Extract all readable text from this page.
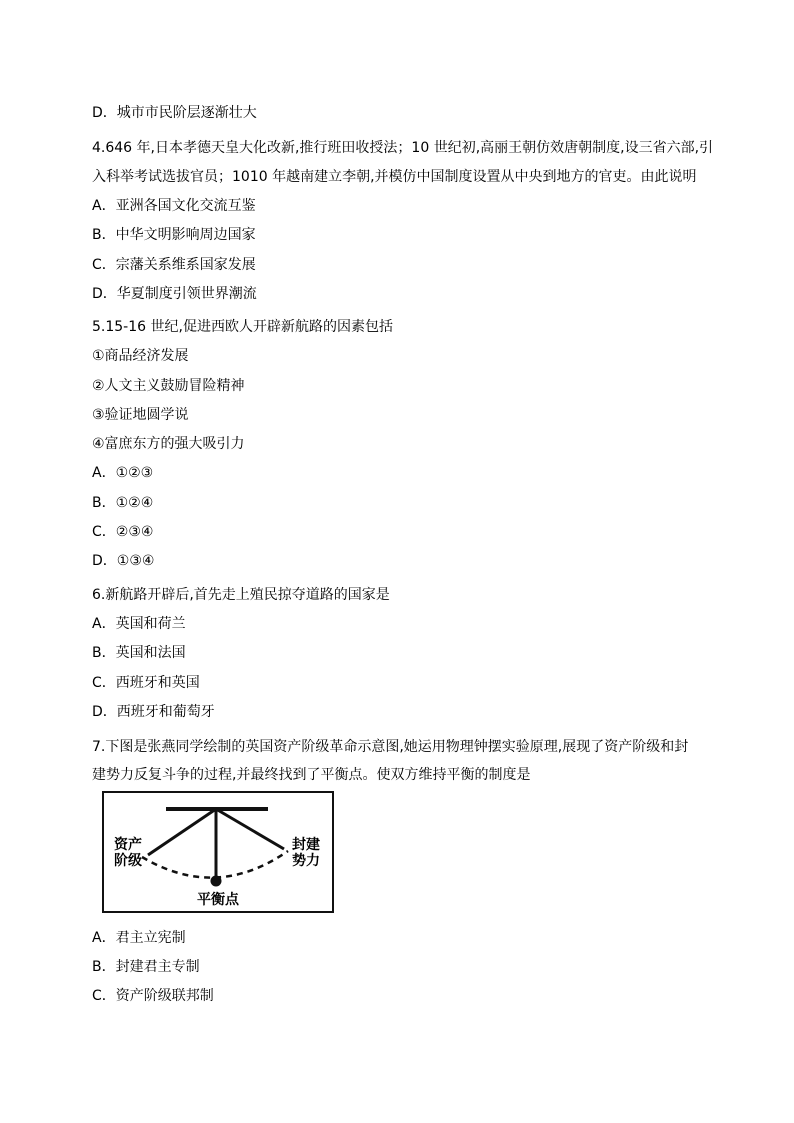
D．城市市民阶层逐渐壮大
4.646 年,日本孝德天皇大化改新,推行班田收授法；10 世纪初,高丽王朝仿效唐朝制度,设三省六部,引
入科举考试选拔官员；1010 年越南建立李朝,并模仿中国制度设置从中央到地方的官吏。由此说明
A．亚洲各国文化交流互鉴
B．中华文明影响周边国家
C．宗藩关系维系国家发展
D．华夏制度引领世界潮流
5.15-16 世纪,促进西欧人开辟新航路的因素包括
①商品经济发展
②人文主义鼓励冒险精神
③验证地圆学说
④富庶东方的强大吸引力
A．①②③
B．①②④
C．②③④
D．①③④
6.新航路开辟后,首先走上殖民掠夺道路的国家是
A．英国和荷兰
B．英国和法国
C．西班牙和英国
D．西班牙和葡萄牙
7.下图是张燕同学绘制的英国资产阶级革命示意图,她运用物理钟摆实验原理,展现了资产阶级和封
建势力反复斗争的过程,并最终找到了平衡点。使双方维持平衡的制度是
资产
阶级
封建
势力
平衡点
A．君主立宪制
B．封建君主专制
C．资产阶级联邦制
